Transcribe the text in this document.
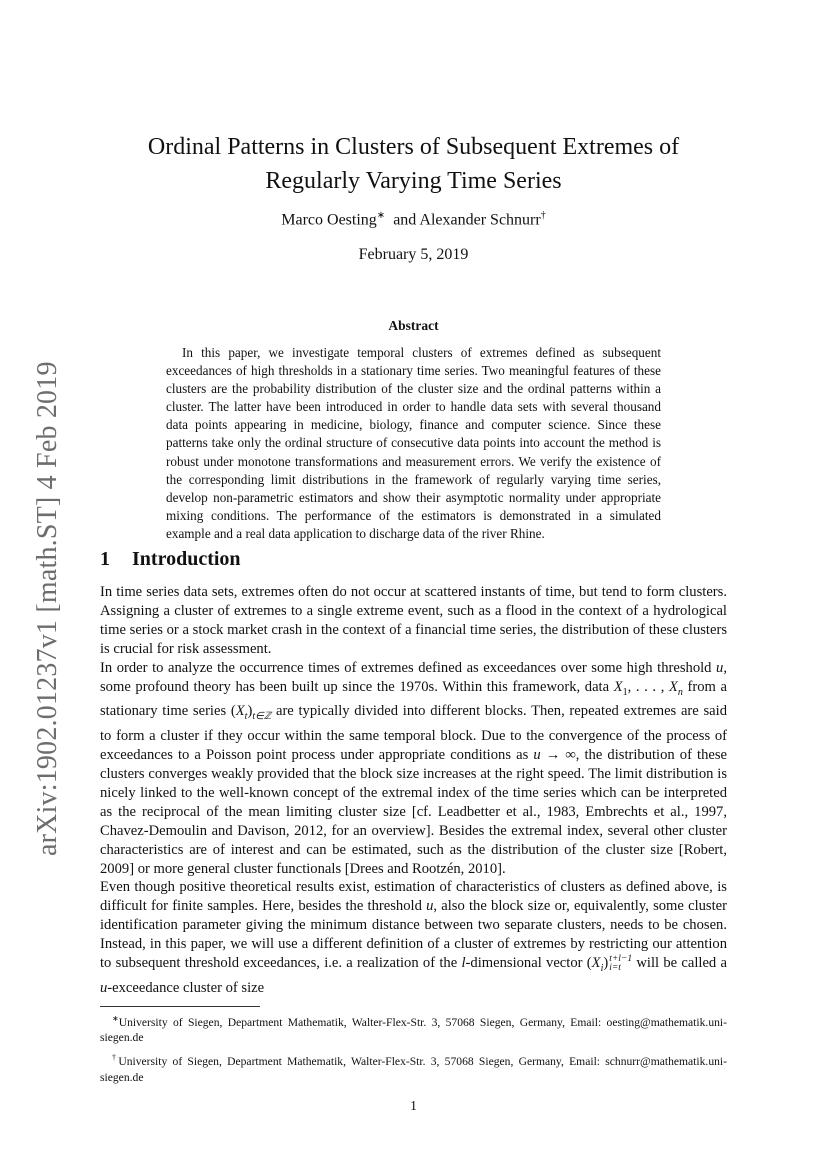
arXiv:1902.01237v1 [math.ST] 4 Feb 2019
Ordinal Patterns in Clusters of Subsequent Extremes of
Regularly Varying Time Series
Marco Oesting∗ and Alexander Schnurr†
February 5, 2019
Abstract
In this paper, we investigate temporal clusters of extremes defined as subsequent exceedances of high thresholds in a stationary time series. Two meaningful features of these clusters are the probability distribution of the cluster size and the ordinal patterns within a cluster. The latter have been introduced in order to handle data sets with several thousand data points appearing in medicine, biology, finance and computer science. Since these patterns take only the ordinal structure of consecutive data points into account the method is robust under monotone transformations and measurement errors. We verify the existence of the corresponding limit distributions in the framework of regularly varying time series, develop non-parametric estimators and show their asymptotic normality under appropriate mixing conditions. The performance of the estimators is demonstrated in a simulated example and a real data application to discharge data of the river Rhine.
1 Introduction

In time series data sets, extremes often do not occur at scattered instants of time, but tend to form clusters. Assigning a cluster of extremes to a single extreme event, such as a flood in the context of a hydrological time series or a stock market crash in the context of a financial time series, the distribution of these clusters is crucial for risk assessment.

In order to analyze the occurrence times of extremes defined as exceedances over some high threshold u, some profound theory has been built up since the 1970s. Within this framework, data $X_1$, . . . , $X_n$ from a stationary time series $(X_t)_{t\in ℤ}$ are typically divided into different blocks. Then, repeated extremes are said to form a cluster if they occur within the same temporal block. Due to the convergence of the process of exceedances to a Poisson point process under appropriate conditions as u → ∞, the distribution of these clusters converges weakly provided that the block size increases at the right speed. The limit distribution is nicely linked to the well-known concept of the extremal index of the time series which can be interpreted as the reciprocal of the mean limiting cluster size [cf. Leadbetter et al., 1983, Embrechts et al., 1997, Chavez-Demoulin and Davison, 2012, for an overview]. Besides the extremal index, several other cluster characteristics are of interest and can be estimated, such as the distribution of the cluster size [Robert, 2009] or more general cluster functionals [Drees and Rootzén, 2010].

Even though positive theoretical results exist, estimation of characteristics of clusters as defined above, is difficult for finite samples. Here, besides the threshold u, also the block size or, equivalently, some cluster identification parameter giving the minimum distance between two separate clusters, needs to be chosen. Instead, in this paper, we will use a different definition of a cluster of extremes by restricting our attention to subsequent threshold exceedances, i.e. a realization of the l-dimensional vector $(X_i)$ t+l−1
i=t	will be called a u-exceedance cluster of size

∗University of Siegen, Department Mathematik, Walter-Flex-Str. 3, 57068 Siegen, Germany, Email: oesting@mathematik.uni-siegen.de

†University of Siegen, Department Mathematik, Walter-Flex-Str. 3, 57068 Siegen, Germany, Email: schnurr@mathematik.uni-siegen.de

1
